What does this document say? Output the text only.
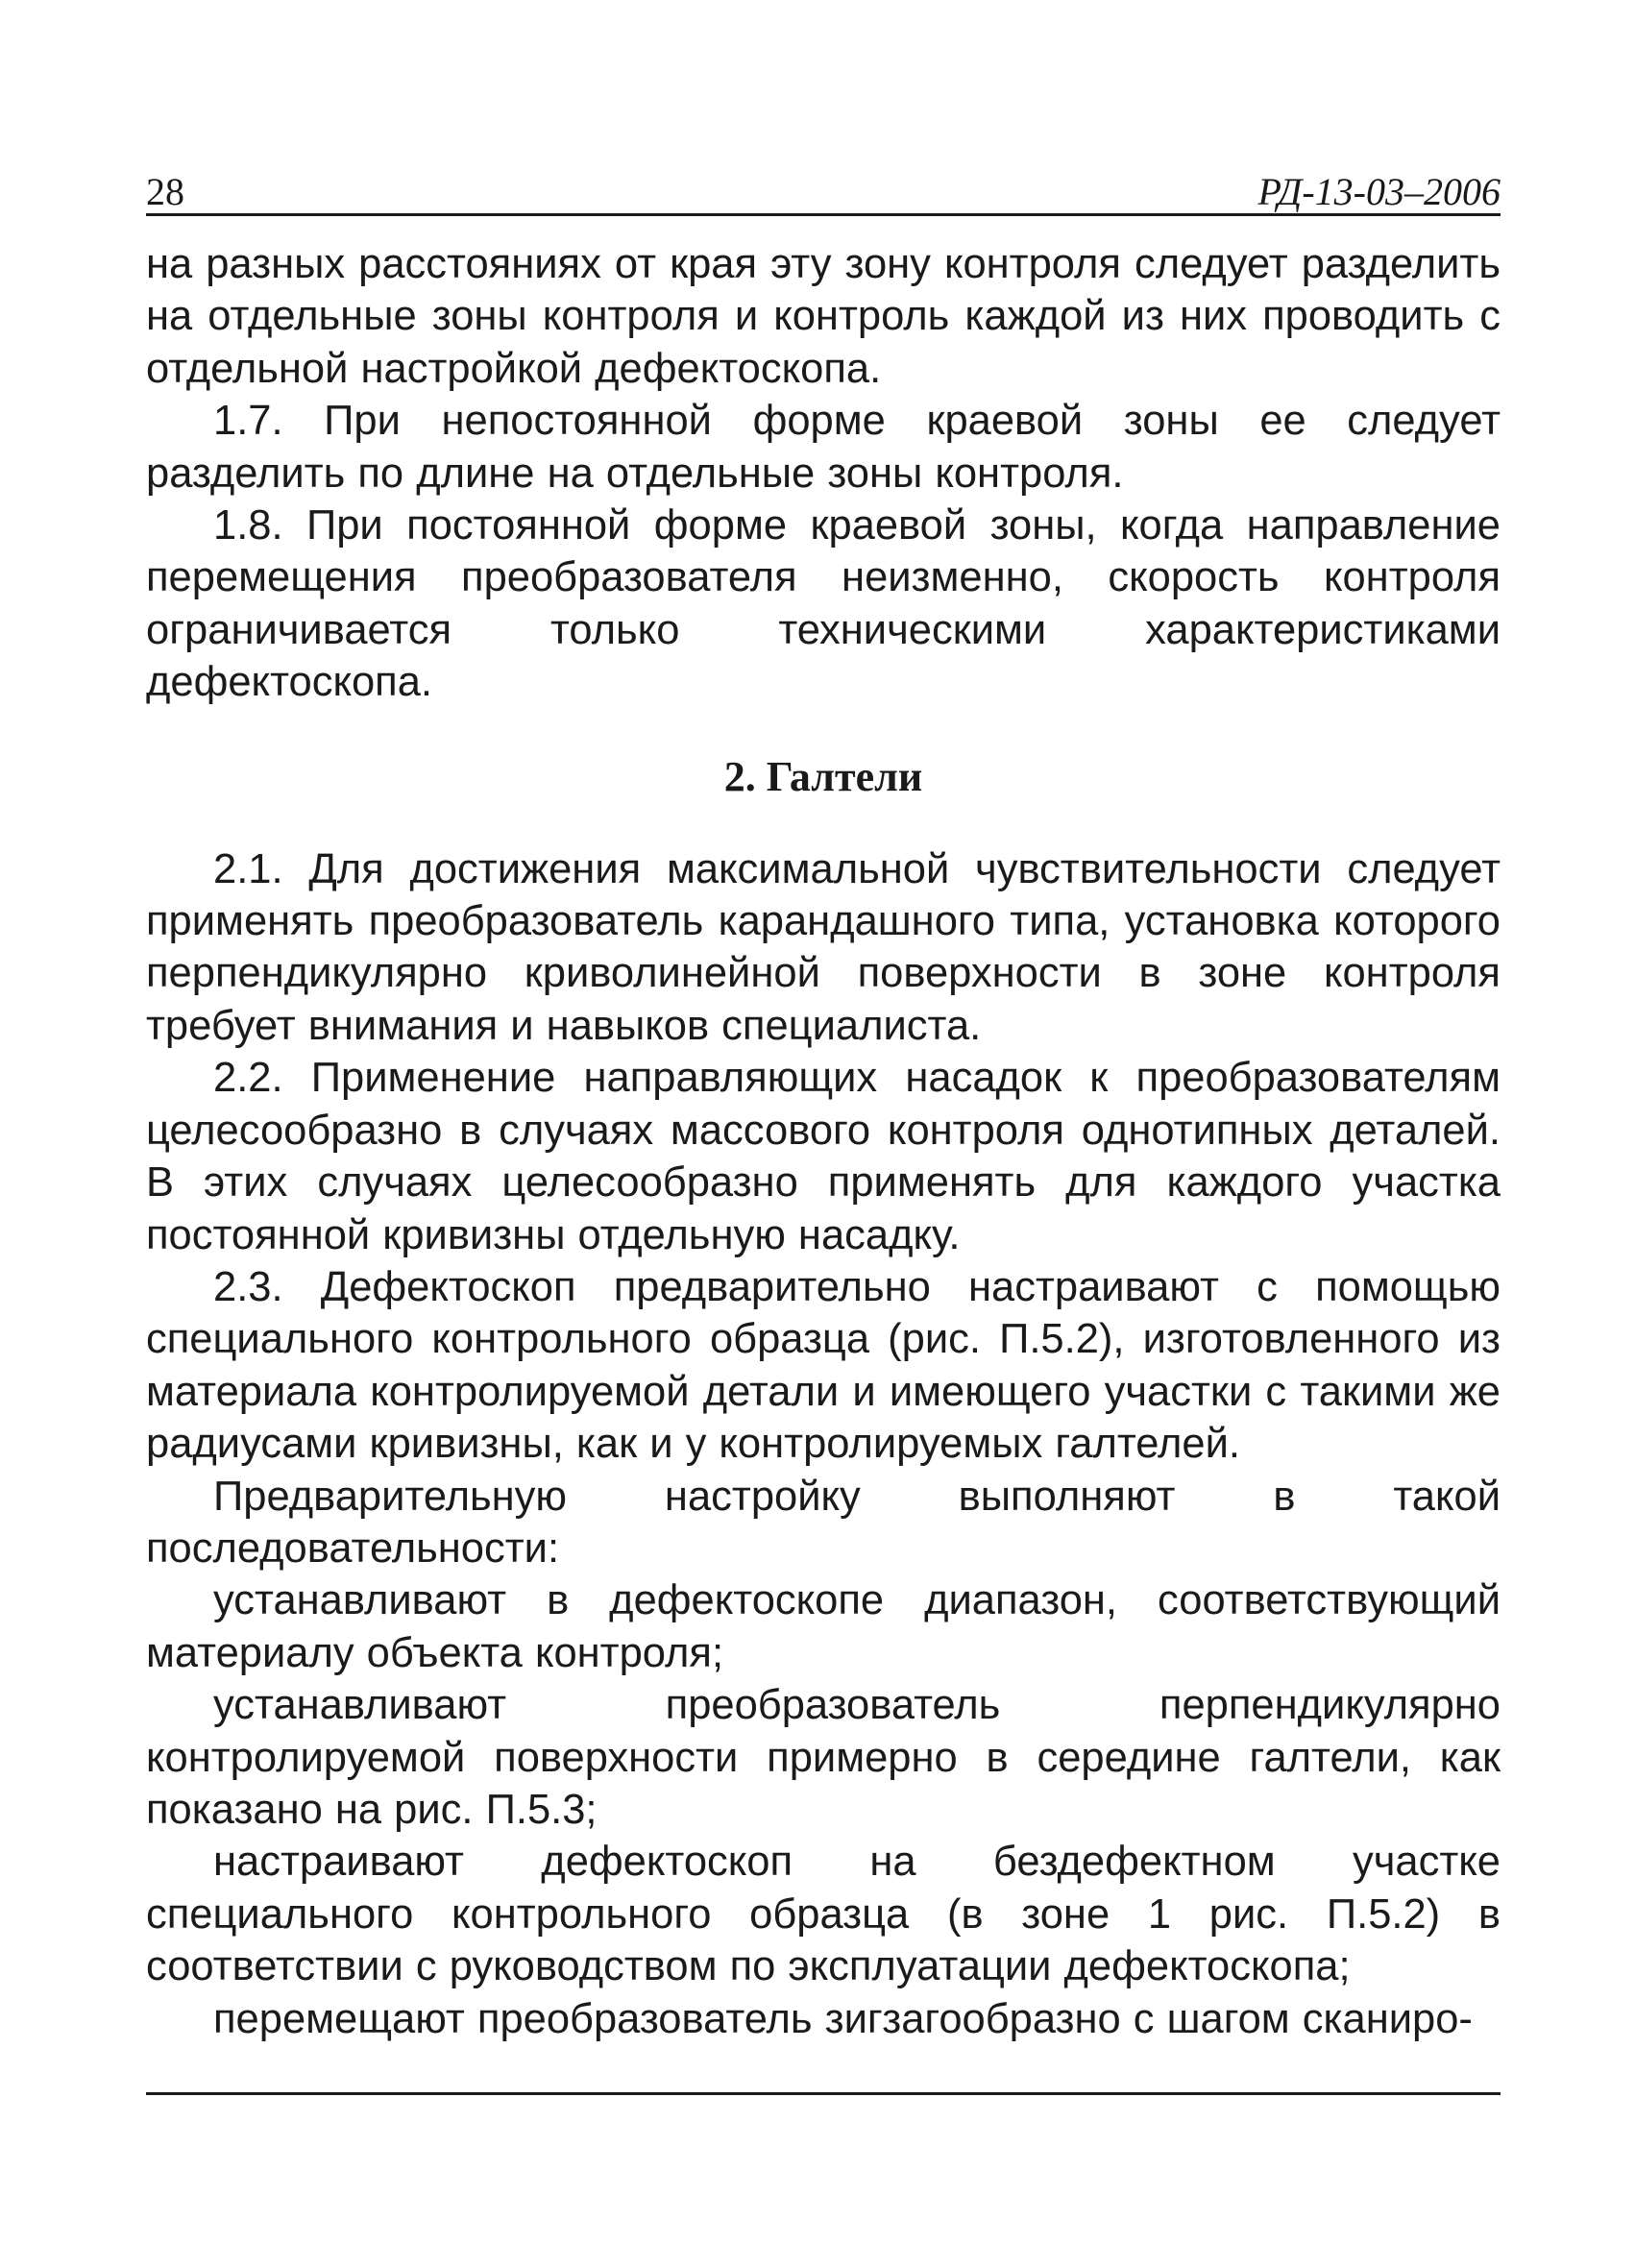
28	РД-13-03–2006

на разных расстояниях от края эту зону контроля следует разделить на отдельные зоны контроля и контроль каждой из них проводить с отдельной настройкой дефектоскопа.

1.7. При непостоянной форме краевой зоны ее следует разделить по длине на отдельные зоны контроля.

1.8. При постоянной форме краевой зоны, когда направление перемещения преобразователя неизменно, скорость контроля ограничивается только техническими характеристиками дефектоскопа.

2. Галтели

2.1. Для достижения максимальной чувствительности следует применять преобразователь карандашного типа, установка которого перпендикулярно криволинейной поверхности в зоне контроля требует внимания и навыков специалиста.

2.2. Применение направляющих насадок к преобразователям целесообразно в случаях массового контроля однотипных деталей. В этих случаях целесообразно применять для каждого участка постоянной кривизны отдельную насадку.

2.3. Дефектоскоп предварительно настраивают с помощью специального контрольного образца (рис. П.5.2), изготовленного из материала контролируемой детали и имеющего участки с такими же радиусами кривизны, как и у контролируемых галтелей.

Предварительную настройку выполняют в такой последовательности:

устанавливают в дефектоскопе диапазон, соответствующий материалу объекта контроля;

устанавливают преобразователь перпендикулярно контролируемой поверхности примерно в середине галтели, как показано на рис. П.5.3;

настраивают дефектоскоп на бездефектном участке специального контрольного образца (в зоне 1 рис. П.5.2) в соответствии с руководством по эксплуатации дефектоскопа;

перемещают преобразователь зигзагообразно с шагом сканиро-
